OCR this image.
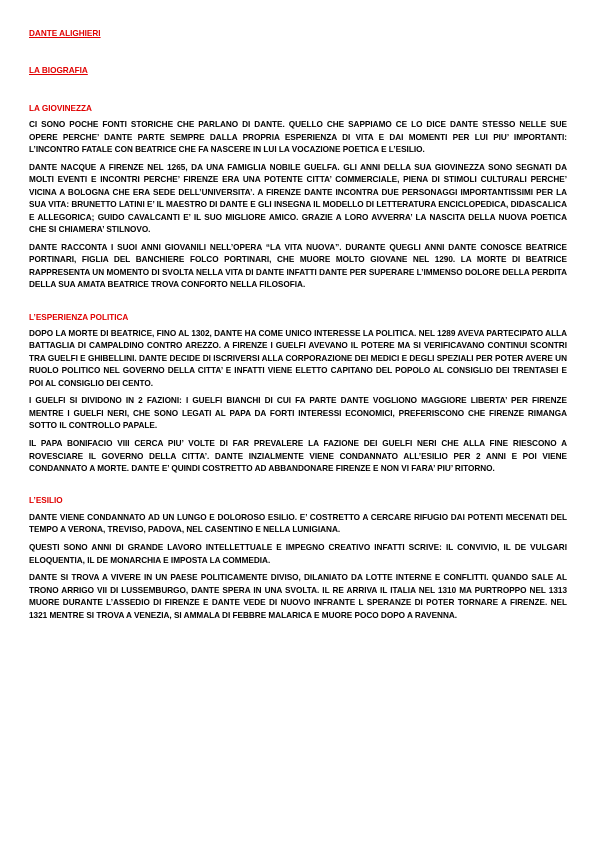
DANTE ALIGHIERI
LA BIOGRAFIA
LA GIOVINEZZA

CI SONO POCHE FONTI STORICHE CHE PARLANO DI DANTE. QUELLO CHE SAPPIAMO CE LO DICE DANTE STESSO NELLE SUE OPERE PERCHE’ DANTE PARTE SEMPRE DALLA PROPRIA ESPERIENZA DI VITA E DAI MOMENTI PER LUI PIU’ IMPORTANTI: L’INCONTRO FATALE CON BEATRICE CHE FA NASCERE IN LUI LA VOCAZIONE POETICA E L’ESILIO.

DANTE NACQUE A FIRENZE NEL 1265, DA UNA FAMIGLIA NOBILE GUELFA. GLI ANNI DELLA SUA GIOVINEZZA SONO SEGNATI DA MOLTI EVENTI E INCONTRI PERCHE’ FIRENZE ERA UNA POTENTE CITTA’ COMMERCIALE, PIENA DI STIMOLI CULTURALI PERCHE’ VICINA A BOLOGNA CHE ERA SEDE DELL’UNIVERSITA’. A FIRENZE DANTE INCONTRA DUE PERSONAGGI IMPORTANTISSIMI PER LA SUA VITA: BRUNETTO LATINI E’ IL MAESTRO DI DANTE E GLI INSEGNA IL MODELLO DI LETTERATURA ENCICLOPEDICA, DIDASCALICA E ALLEGORICA; GUIDO CAVALCANTI E’ IL SUO MIGLIORE AMICO. GRAZIE A LORO AVVERRA’ LA NASCITA DELLA NUOVA POETICA CHE SI CHIAMERA’ STILNOVO.

DANTE RACCONTA I SUOI ANNI GIOVANILI NELL’OPERA “LA VITA NUOVA”. DURANTE QUEGLI ANNI DANTE CONOSCE BEATRICE PORTINARI, FIGLIA DEL BANCHIERE FOLCO PORTINARI, CHE MUORE MOLTO GIOVANE NEL 1290. LA MORTE DI BEATRICE RAPPRESENTA UN MOMENTO DI SVOLTA NELLA VITA DI DANTE INFATTI DANTE PER SUPERARE L’IMMENSO DOLORE DELLA PERDITA DELLA SUA AMATA BEATRICE TROVA CONFORTO NELLA FILOSOFIA.

L’ESPERIENZA POLITICA

DOPO LA MORTE DI BEATRICE, FINO AL 1302, DANTE HA COME UNICO INTERESSE LA POLITICA. NEL 1289 AVEVA PARTECIPATO ALLA BATTAGLIA DI CAMPALDINO CONTRO AREZZO. A FIRENZE I GUELFI AVEVANO IL POTERE MA SI VERIFICAVANO CONTINUI SCONTRI TRA GUELFI E GHIBELLINI. DANTE DECIDE DI ISCRIVERSI ALLA CORPORAZIONE DEI MEDICI E DEGLI SPEZIALI PER POTER AVERE UN RUOLO POLITICO NEL GOVERNO DELLA CITTA’ E INFATTI VIENE ELETTO CAPITANO DEL POPOLO AL CONSIGLIO DEI TRENTASEI E POI AL CONSIGLIO DEI CENTO.

I GUELFI SI DIVIDONO IN 2 FAZIONI: I GUELFI BIANCHI DI CUI FA PARTE DANTE VOGLIONO MAGGIORE LIBERTA’ PER FIRENZE MENTRE I GUELFI NERI, CHE SONO LEGATI AL PAPA DA FORTI INTERESSI ECONOMICI, PREFERISCONO CHE FIRENZE RIMANGA SOTTO IL CONTROLLO PAPALE.

IL PAPA BONIFACIO VIII CERCA PIU’ VOLTE DI FAR PREVALERE LA FAZIONE DEI GUELFI NERI CHE ALLA FINE RIESCONO A ROVESCIARE IL GOVERNO DELLA CITTA’. DANTE INZIALMENTE VIENE CONDANNATO ALL’ESILIO PER 2 ANNI E POI VIENE CONDANNATO A MORTE. DANTE E’ QUINDI COSTRETTO AD ABBANDONARE FIRENZE E NON VI FARA’ PIU’ RITORNO.

L’ESILIO

DANTE VIENE CONDANNATO AD UN LUNGO E DOLOROSO ESILIO. E’ COSTRETTO A CERCARE RIFUGIO DAI POTENTI MECENATI DEL TEMPO A VERONA, TREVISO, PADOVA, NEL CASENTINO E NELLA LUNIGIANA.

QUESTI SONO ANNI DI GRANDE LAVORO INTELLETTUALE E IMPEGNO CREATIVO INFATTI SCRIVE: IL CONVIVIO, IL DE VULGARI ELOQUENTIA, IL DE MONARCHIA E IMPOSTA LA COMMEDIA.

DANTE SI TROVA A VIVERE IN UN PAESE POLITICAMENTE DIVISO, DILANIATO DA LOTTE INTERNE E CONFLITTI. QUANDO SALE AL TRONO ARRIGO VII DI LUSSEMBURGO, DANTE SPERA IN UNA SVOLTA. IL RE ARRIVA IL ITALIA NEL 1310 MA PURTROPPO NEL 1313 MUORE DURANTE L’ASSEDIO DI FIRENZE E DANTE VEDE DI NUOVO INFRANTE L SPERANZE DI POTER TORNARE A FIRENZE. NEL 1321 MENTRE SI TROVA A VENEZIA, SI AMMALA DI FEBBRE MALARICA E MUORE POCO DOPO A RAVENNA.
